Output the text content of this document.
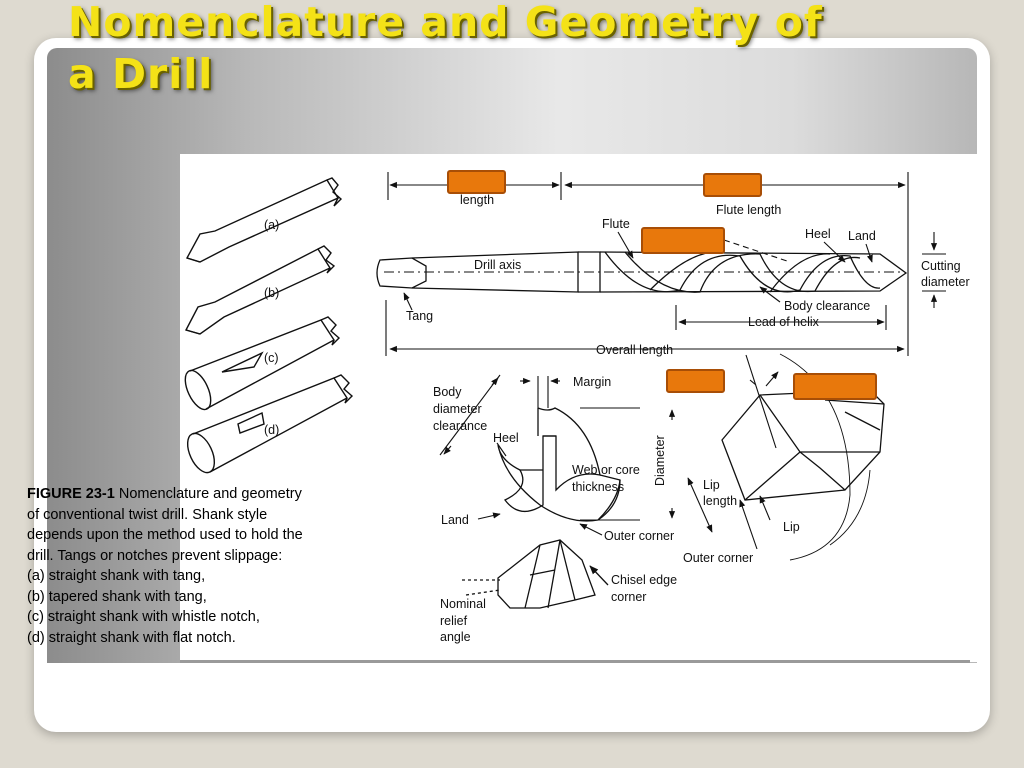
Nomenclature and Geometry of
a Drill
(a)
(b)
(c)
(d)
length
Flute length
Flute
Heel Land
Drill axis	Cutting
diameter
Body clearance
Tang	Lead of helix
Overall length
Margin
Body
diameter
clearance
Heel
Web or core
thickness
Diameter
Land
Outer corner
Lip
length
Lip
Outer corner
Chisel edge
corner
Nominal
relief
angle

FIGURE 23-1 Nomenclature and geometry of conventional twist drill. Shank style depends upon the method used to hold the drill. Tangs or notches prevent slippage:

(a) straight shank with tang,

(b) tapered shank with tang,

(c) straight shank with whistle notch,

(d) straight shank with flat notch.
